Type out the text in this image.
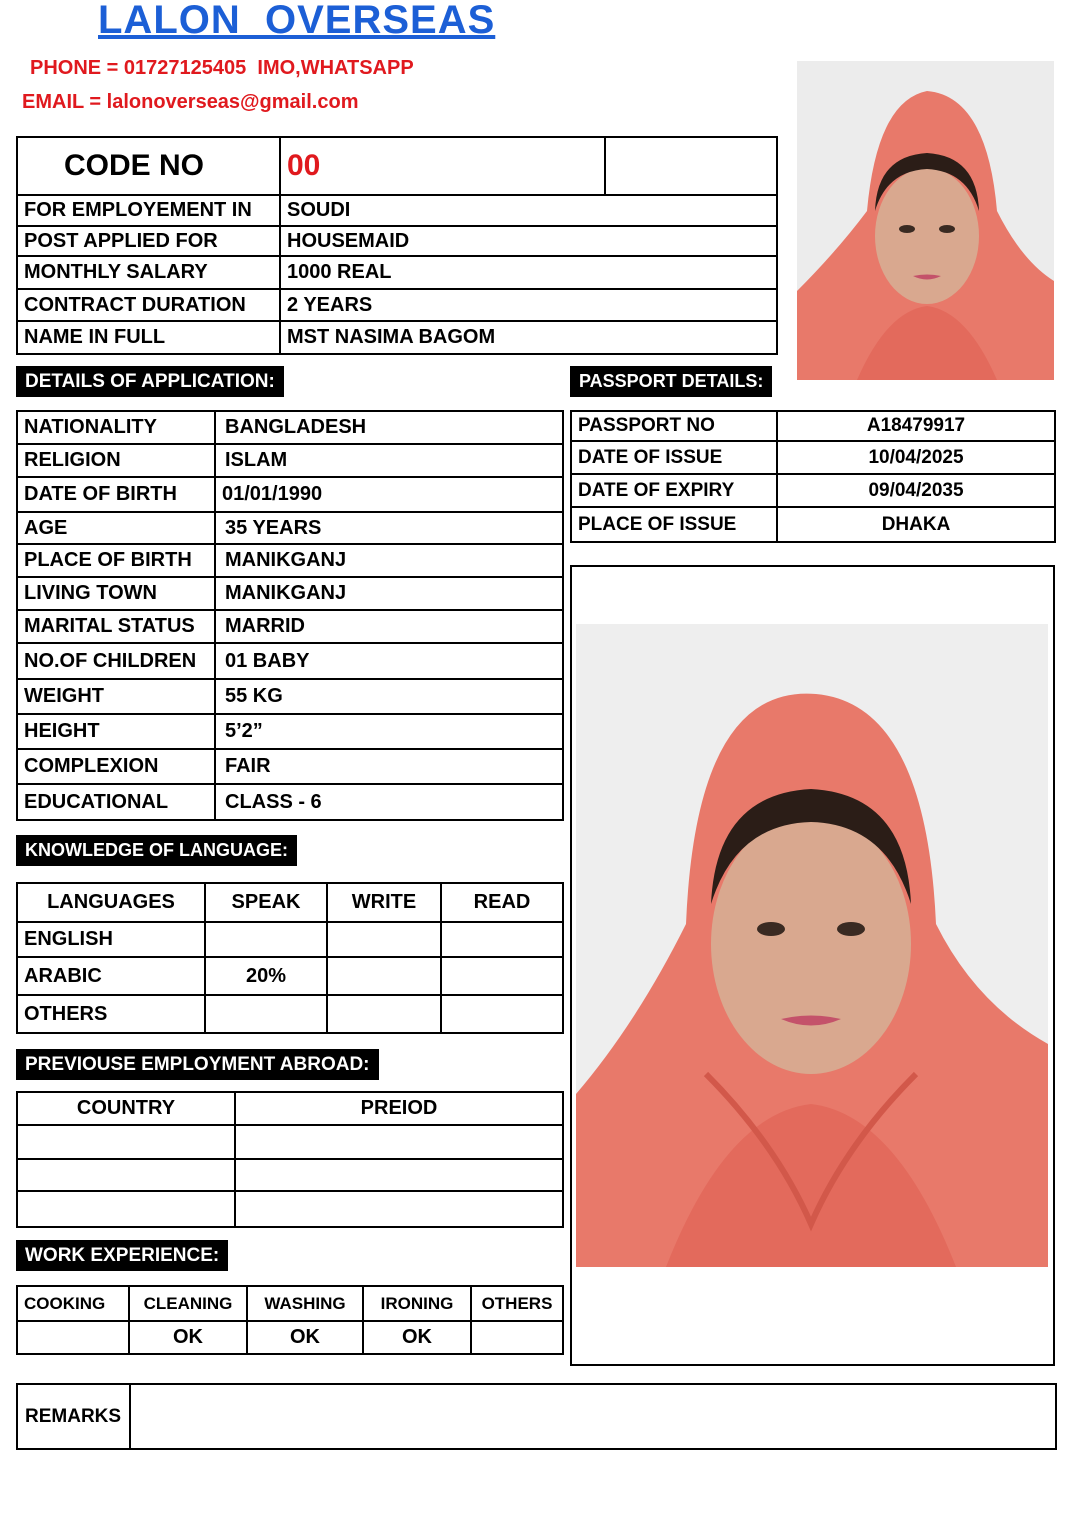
LALON  OVERSEAS
PHONE = 01727125405  IMO,WHATSAPP
EMAIL = lalonoverseas@gmail.com
CODE NO	00	
FOR EMPLOYEMENT IN	SOUDI	
POST APPLIED FOR	HOUSEMAID	
MONTHLY SALARY	1000 REAL	
CONTRACT DURATION	2 YEARS	
NAME IN FULL	MST NASIMA BAGOM	
DETAILS OF APPLICATION:
NATIONALITY	BANGLADESH
RELIGION	ISLAM
DATE OF BIRTH	01/01/1990
AGE	35 YEARS
PLACE OF BIRTH	MANIKGANJ
LIVING TOWN	MANIKGANJ
MARITAL STATUS	MARRID
NO.OF CHILDREN	01 BABY
WEIGHT	55 KG
HEIGHT	5’2”
COMPLEXION	FAIR
EDUCATIONAL	CLASS - 6
PASSPORT DETAILS:
PASSPORT NO	A18479917
DATE OF ISSUE	10/04/2025
DATE OF EXPIRY	09/04/2035
PLACE OF ISSUE	DHAKA
KNOWLEDGE OF LANGUAGE:
LANGUAGES	SPEAK	WRITE	READ
ENGLISH			
ARABIC	20%		
OTHERS			
PREVIOUSE EMPLOYMENT ABROAD:
COUNTRY	PREIOD

WORK EXPERIENCE:
COOKING	CLEANING	WASHING	IRONING	OTHERS
	OK	OK	OK	
REMARKS	
